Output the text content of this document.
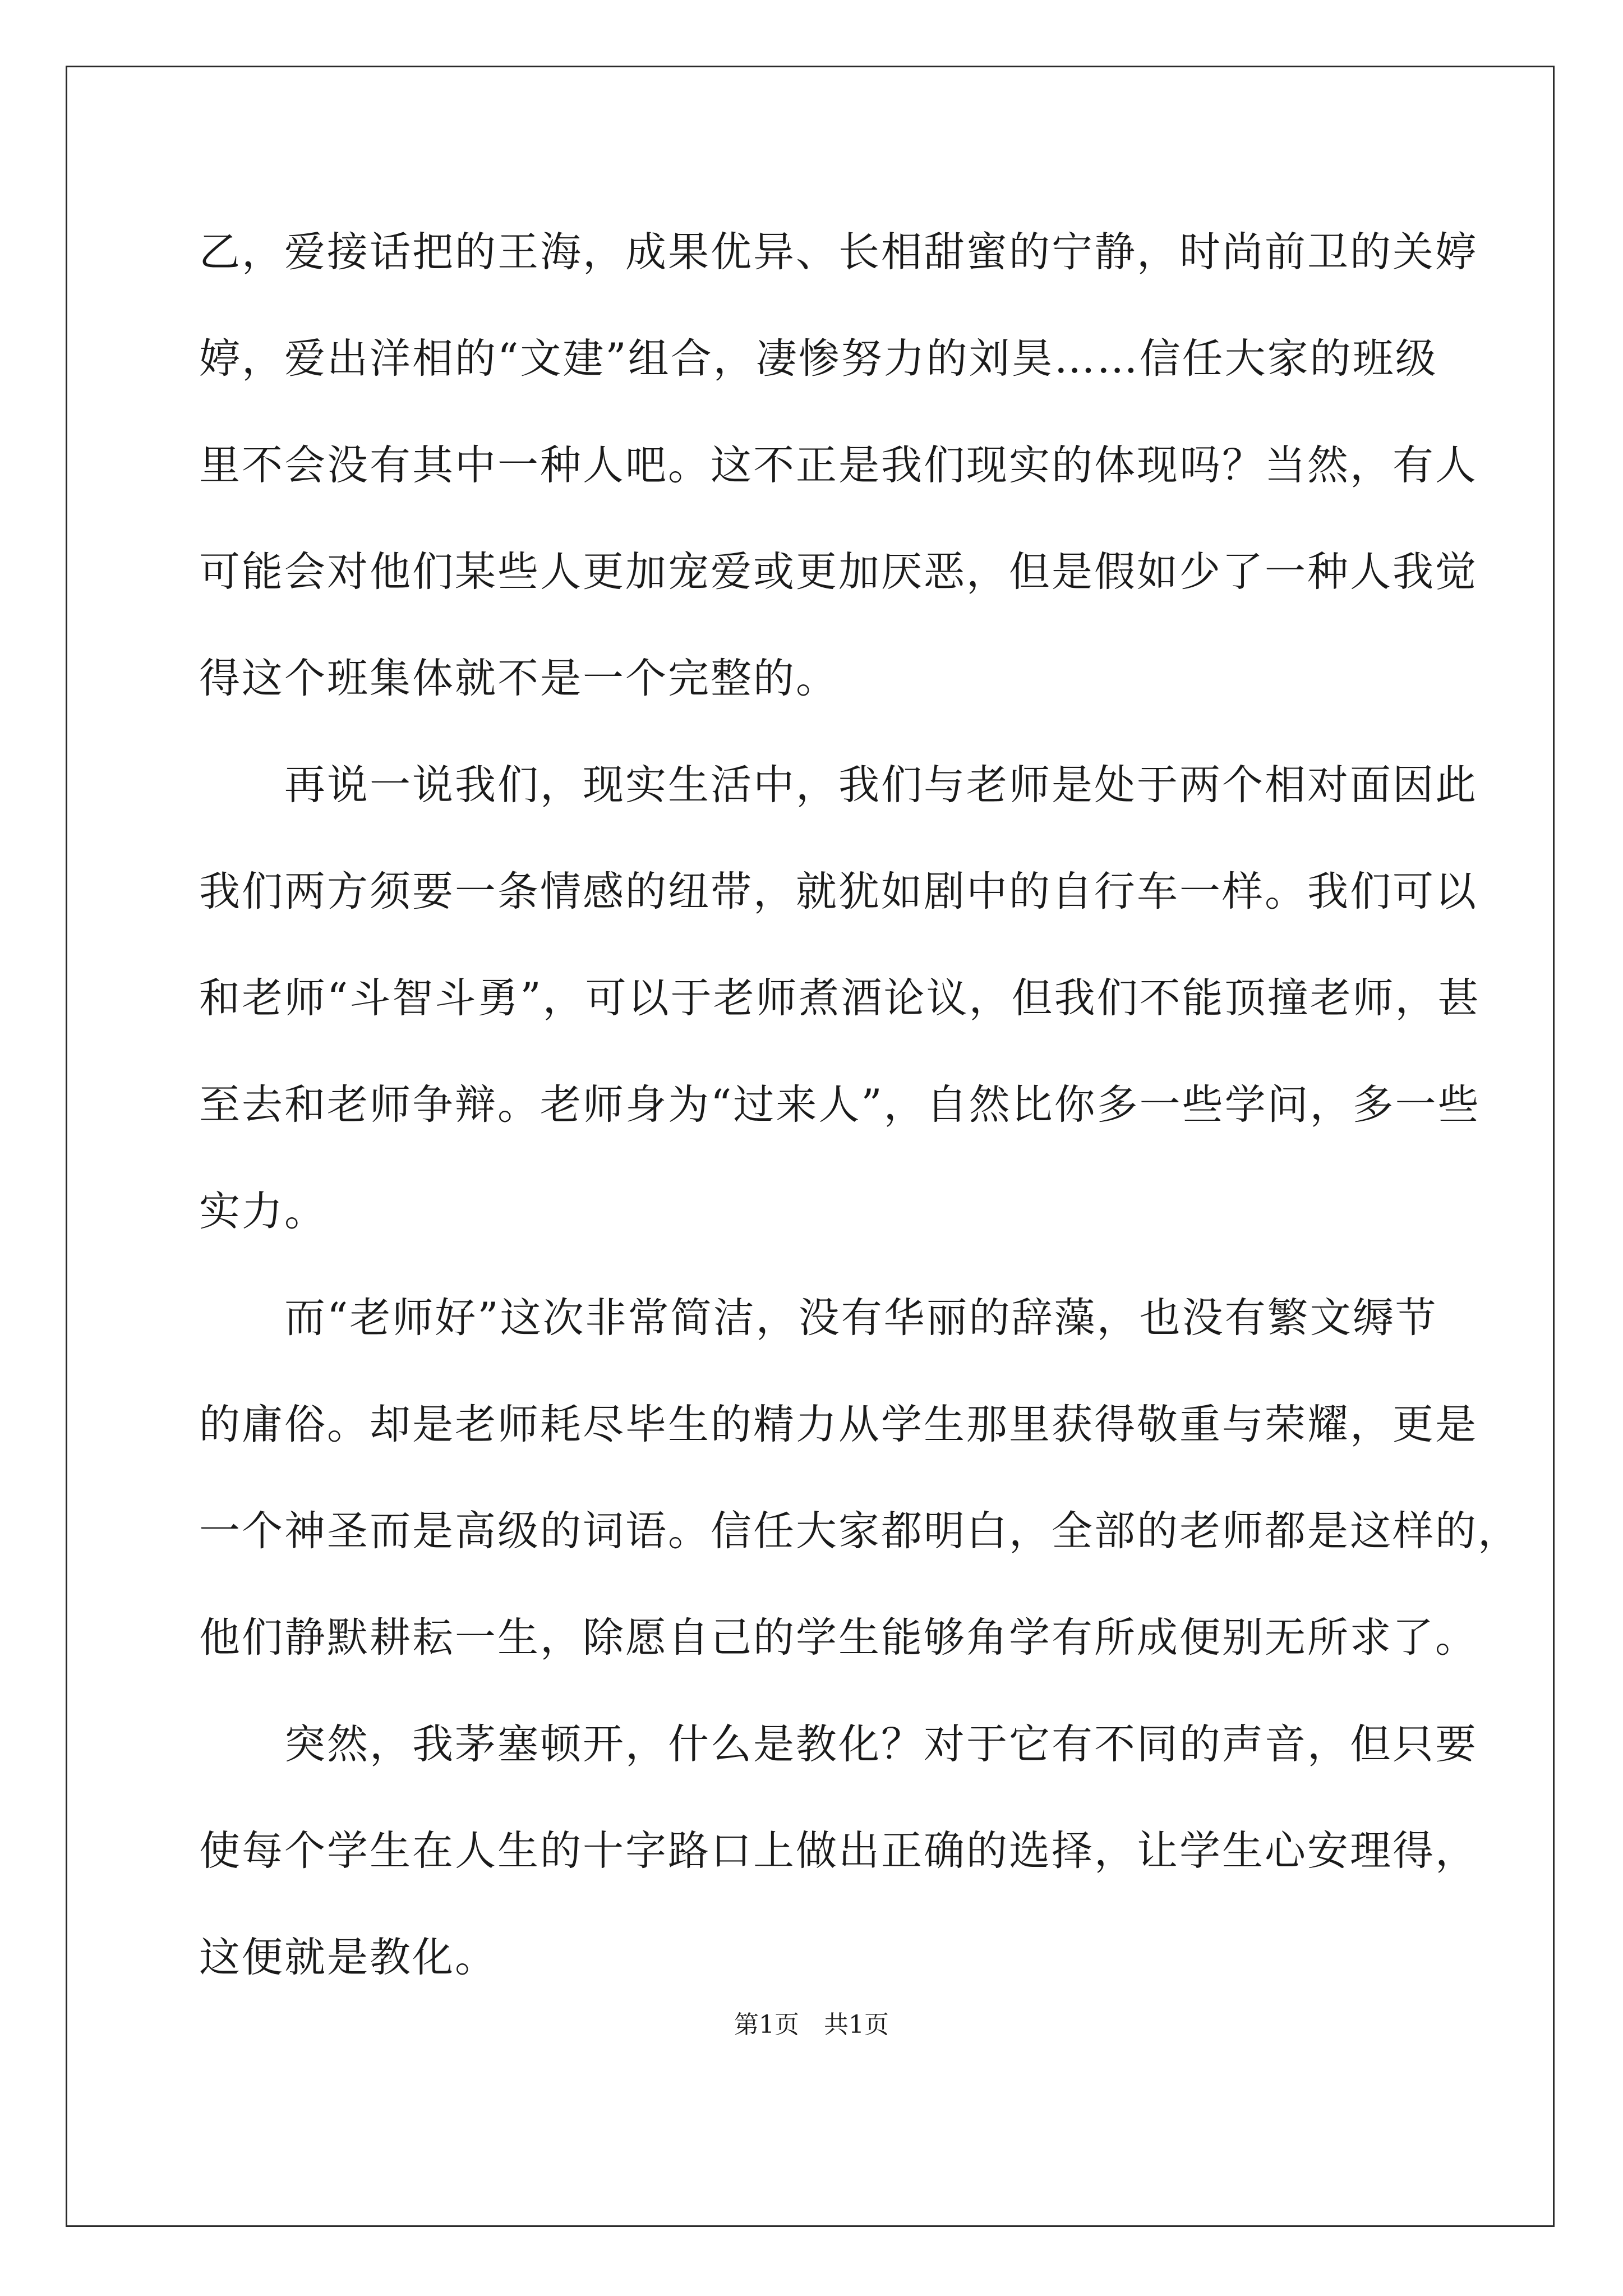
乙，爱接话把的王海，成果优异、长相甜蜜的宁静，时尚前卫的关婷
婷，爱出洋相的“文建”组合，凄惨努力的刘昊……信任大家的班级
里不会没有其中一种人吧。这不正是我们现实的体现吗？当然，有人
可能会对他们某些人更加宠爱或更加厌恶，但是假如少了一种人我觉
得这个班集体就不是一个完整的。
再说一说我们，现实生活中，我们与老师是处于两个相对面因此
我们两方须要一条情感的纽带，就犹如剧中的自行车一样。我们可以
和老师“斗智斗勇”，可以于老师煮酒论议，但我们不能顶撞老师，甚
至去和老师争辩。老师身为“过来人”，自然比你多一些学问，多一些
实力。
而“老师好”这次非常简洁，没有华丽的辞藻，也没有繁文缛节
的庸俗。却是老师耗尽毕生的精力从学生那里获得敬重与荣耀，更是
一个神圣而是高级的词语。信任大家都明白，全部的老师都是这样的，
他们静默耕耘一生，除愿自己的学生能够角学有所成便别无所求了。
突然，我茅塞顿开，什么是教化？对于它有不同的声音，但只要
使每个学生在人生的十字路口上做出正确的选择，让学生心安理得，
这便就是教化。
第1页 共1页
